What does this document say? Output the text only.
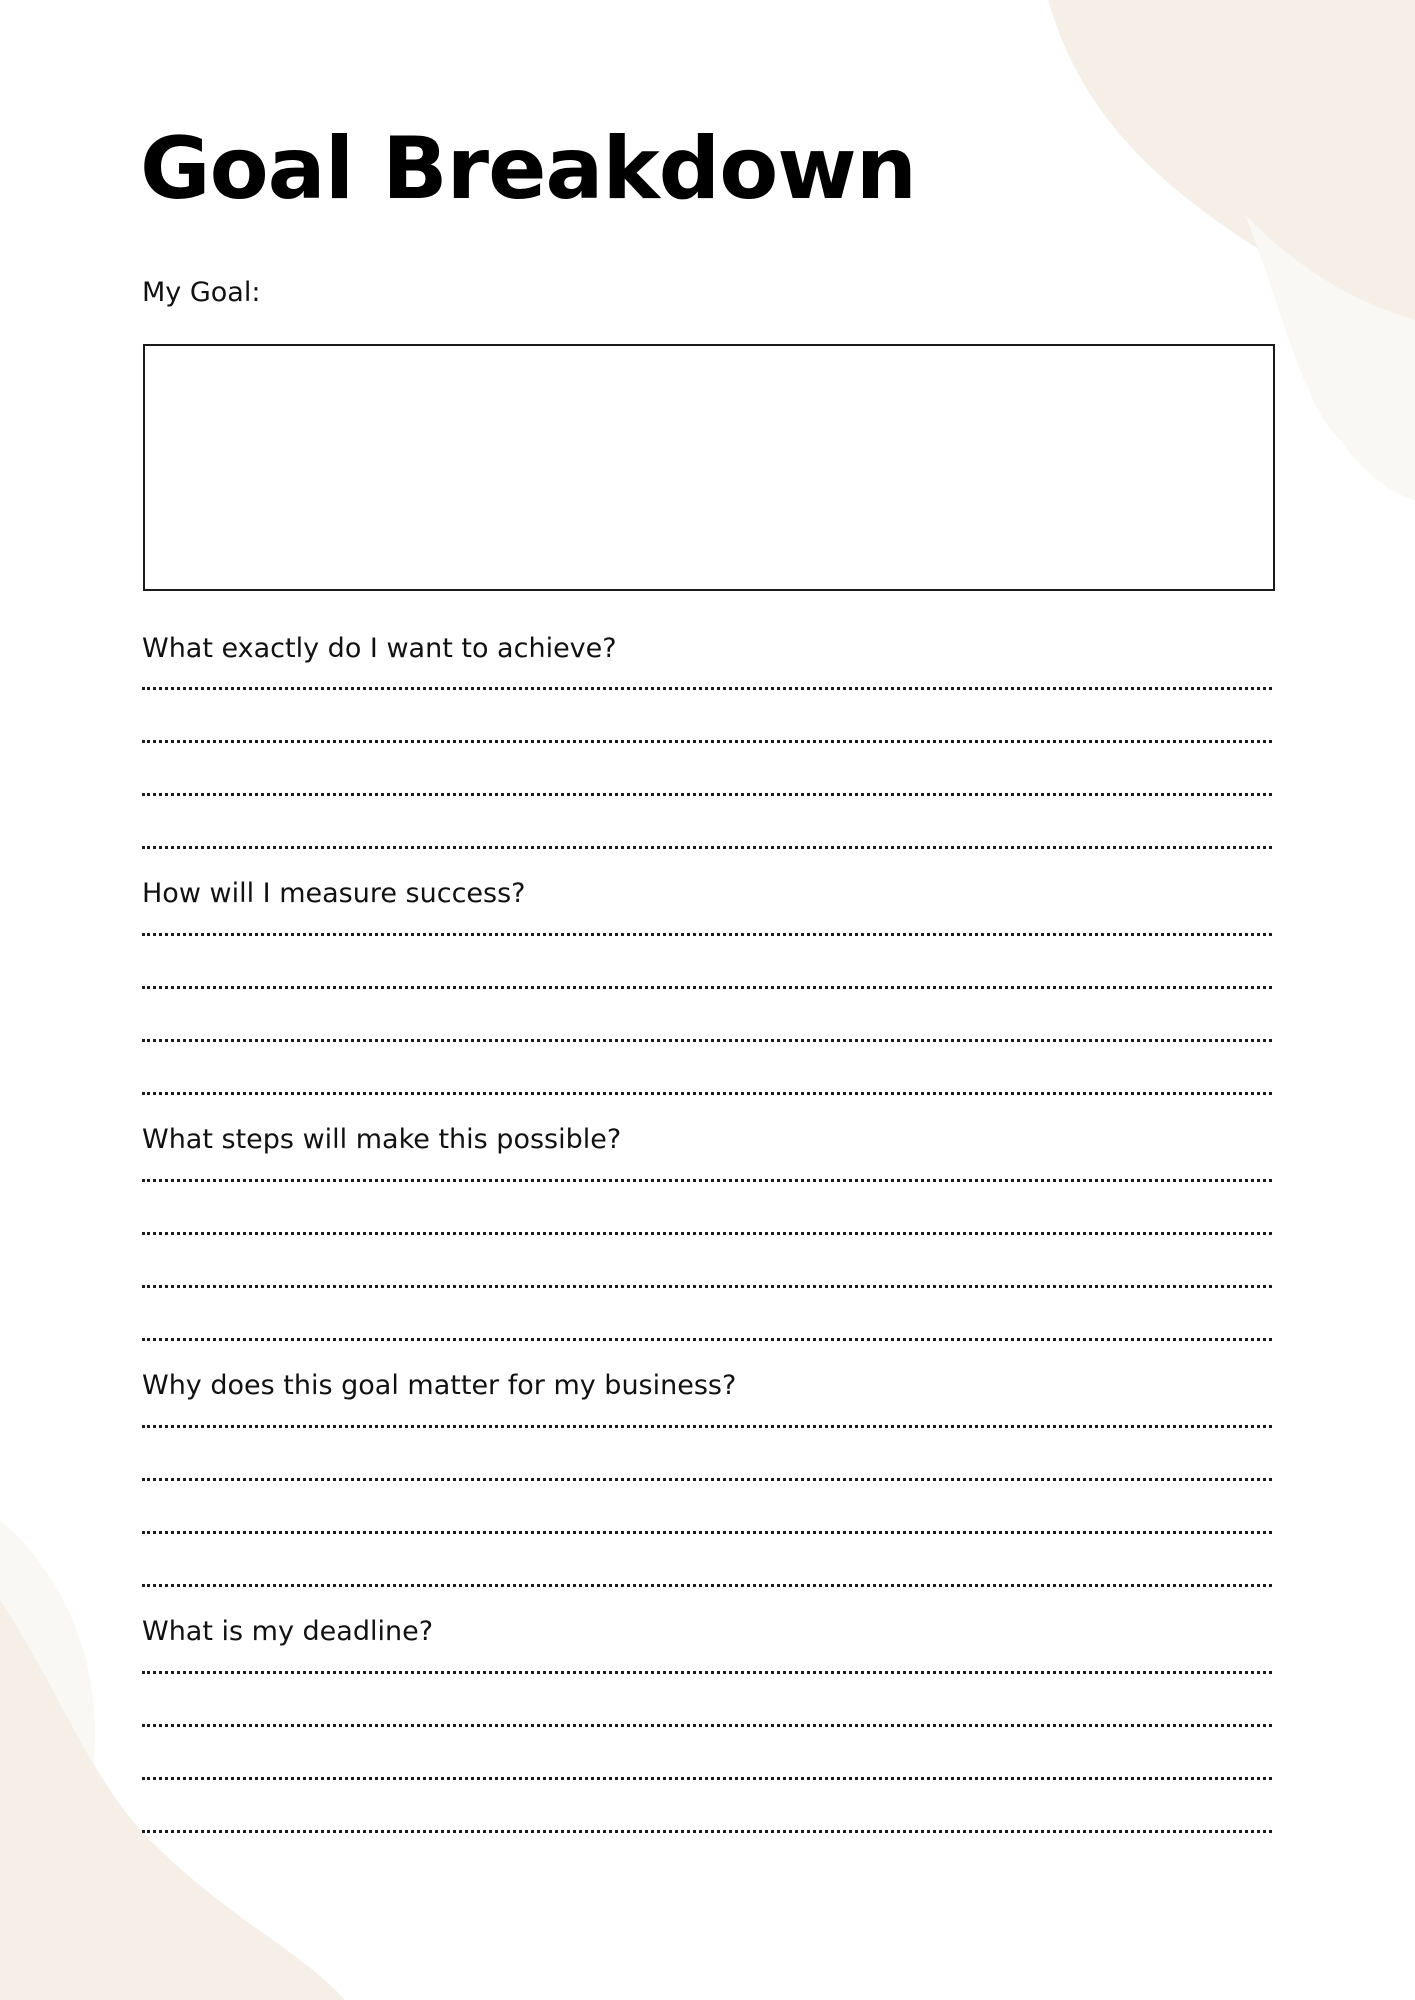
Goal Breakdown
My Goal:
What exactly do I want to achieve?
How will I measure success?
What steps will make this possible?
Why does this goal matter for my business?
What is my deadline?
